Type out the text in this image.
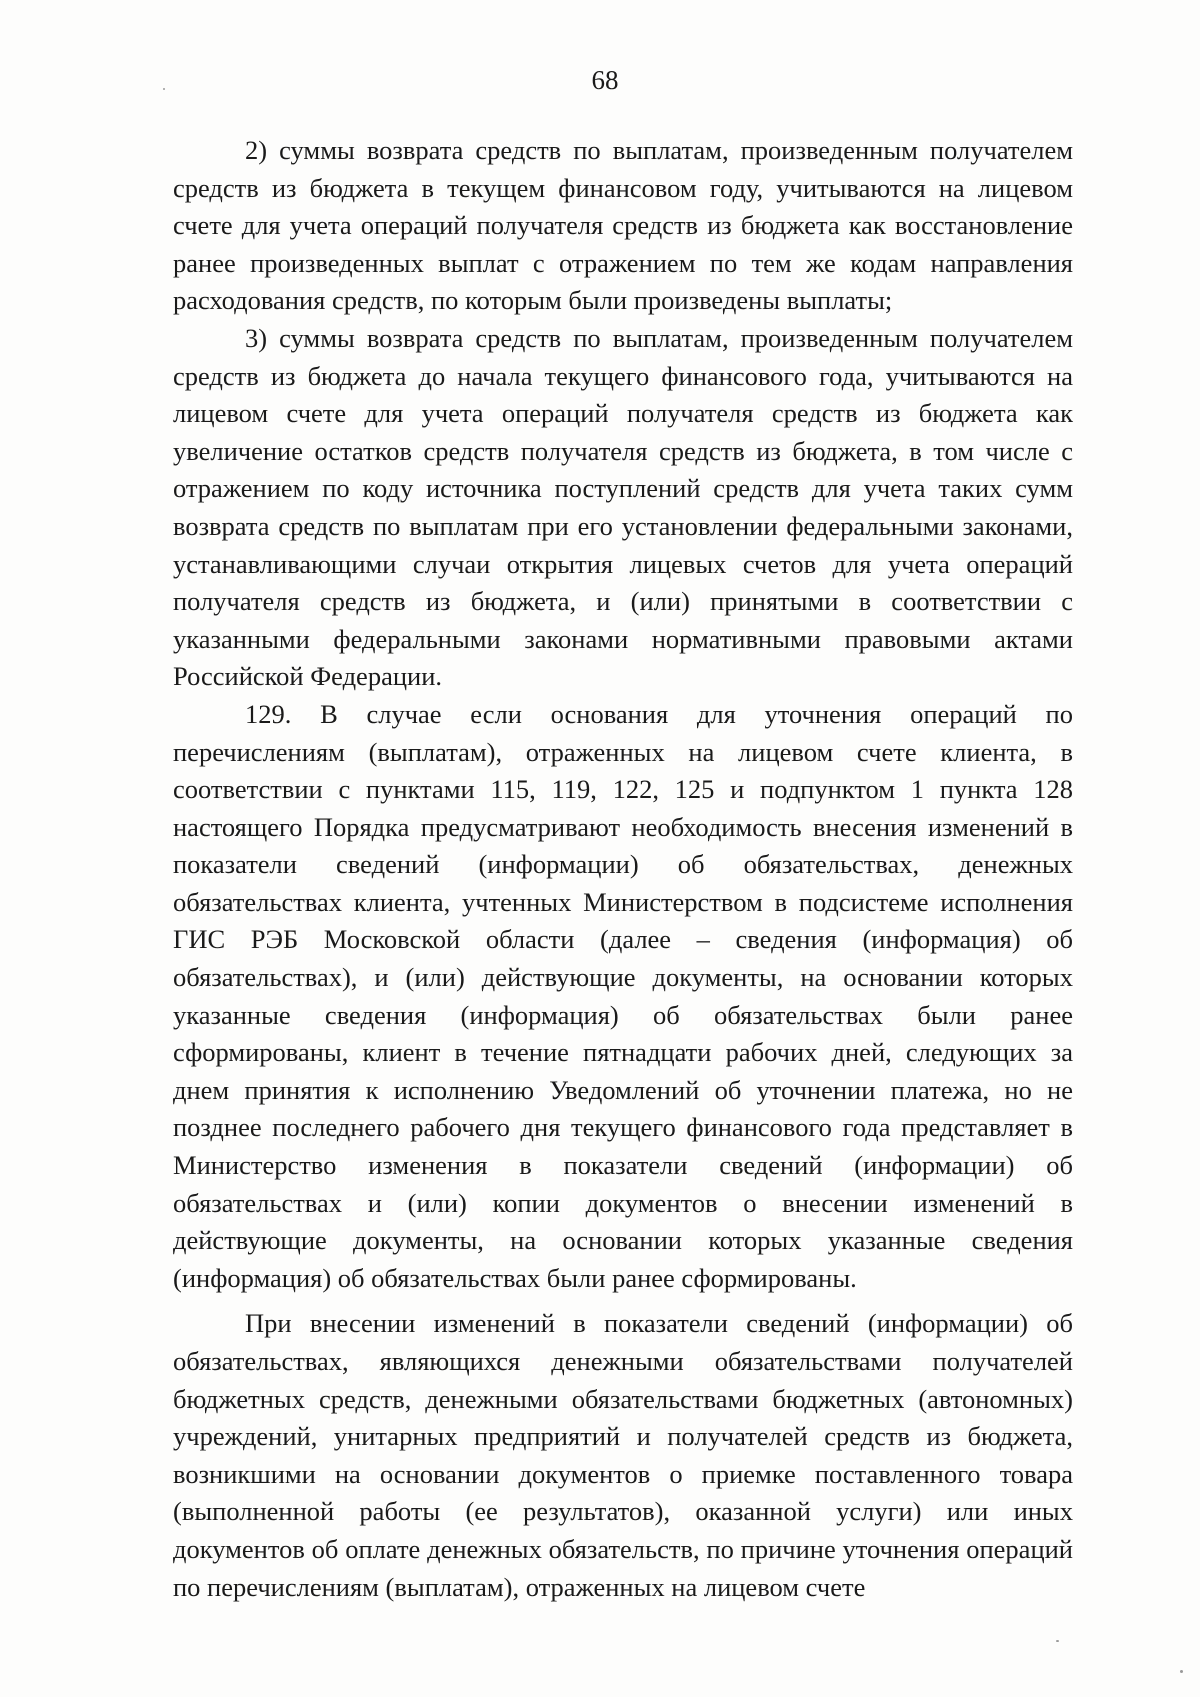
68

2) суммы возврата средств по выплатам, произведенным получателем средств из бюджета в текущем финансовом году, учитываются на лицевом счете для учета операций получателя средств из бюджета как восстановление ранее произведенных выплат с отражением по тем же кодам направления расходования средств, по которым были произведены выплаты;

3) суммы возврата средств по выплатам, произведенным получателем средств из бюджета до начала текущего финансового года, учитываются на лицевом счете для учета операций получателя средств из бюджета как увеличение остатков средств получателя средств из бюджета, в том числе с отражением по коду источника поступлений средств для учета таких сумм возврата средств по выплатам при его установлении федеральными законами, устанавливающими случаи открытия лицевых счетов для учета операций получателя средств из бюджета, и (или) принятыми в соответствии с указанными федеральными законами нормативными правовыми актами Российской Федерации.

129. В случае если основания для уточнения операций по перечислениям (выплатам), отраженных на лицевом счете клиента, в соответствии с пунктами 115, 119, 122, 125 и подпунктом 1 пункта 128 настоящего Порядка предусматривают необходимость внесения изменений в показатели сведений (информации) об обязательствах, денежных обязательствах клиента, учтенных Министерством в подсистеме исполнения ГИС РЭБ Московской области (далее – сведения (информация) об обязательствах), и (или) действующие документы, на основании которых указанные сведения (информация) об обязательствах были ранее сформированы, клиент в течение пятнадцати рабочих дней, следующих за днем принятия к исполнению Уведомлений об уточнении платежа, но не позднее последнего рабочего дня текущего финансового года представляет в Министерство изменения в показатели сведений (информации) об обязательствах и (или) копии документов о внесении изменений в действующие документы, на основании которых указанные сведения (информация) об обязательствах были ранее сформированы.

При внесении изменений в показатели сведений (информации) об обязательствах, являющихся денежными обязательствами получателей бюджетных средств, денежными обязательствами бюджетных (автономных) учреждений, унитарных предприятий и получателей средств из бюджета, возникшими на основании документов о приемке поставленного товара (выполненной работы (ее результатов), оказанной услуги) или иных документов об оплате денежных обязательств, по причине уточнения операций по перечислениям (выплатам), отраженных на лицевом счете
